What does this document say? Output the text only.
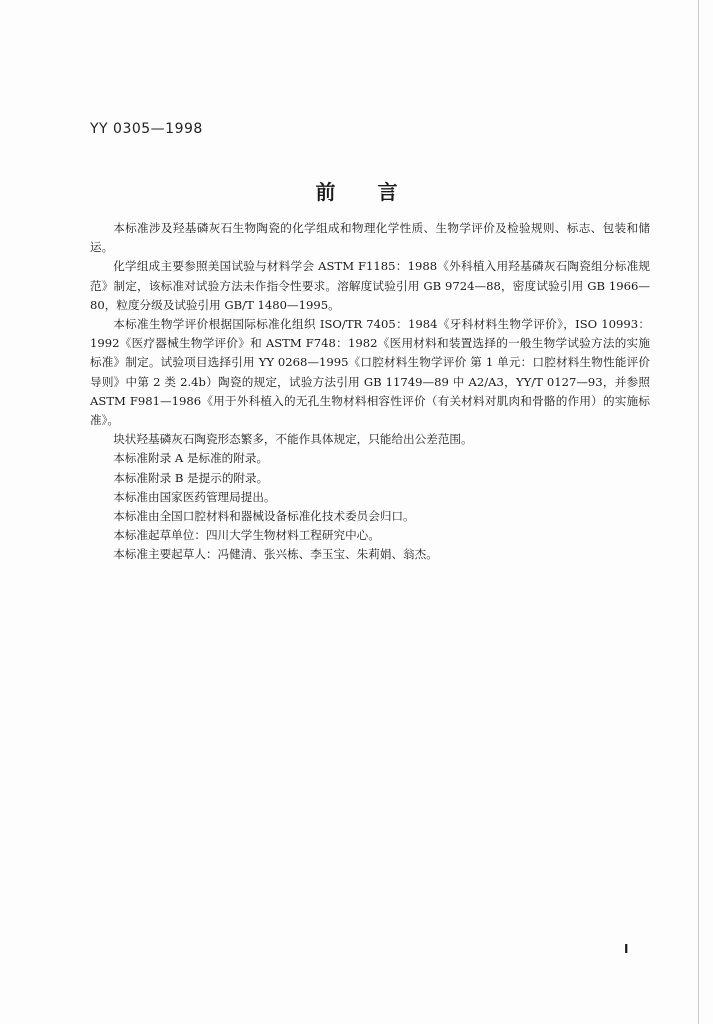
YY 0305—1998
前言

本标准涉及羟基磷灰石生物陶瓷的化学组成和物理化学性质、生物学评价及检验规则、标志、包装和储运。

化学组成主要参照美国试验与材料学会 ASTM F1185：1988《外科植入用羟基磷灰石陶瓷组分标准规范》制定，该标准对试验方法未作指令性要求。溶解度试验引用 GB 9724—88，密度试验引用 GB 1966—80，粒度分级及试验引用 GB/T 1480—1995。

本标准生物学评价根据国际标准化组织 ISO/TR 7405：1984《牙科材料生物学评价》，ISO 10993：1992《医疗器械生物学评价》和 ASTM F748：1982《医用材料和装置选择的一般生物学试验方法的实施标准》制定。试验项目选择引用 YY 0268—1995《口腔材料生物学评价 第 1 单元：口腔材料生物性能评价导则》中第 2 类 2.4b）陶瓷的规定，试验方法引用 GB 11749—89 中 A2/A3，YY/T 0127—93，并参照 ASTM F981—1986《用于外科植入的无孔生物材料相容性评价（有关材料对肌肉和骨骼的作用）的实施标准》。

块状羟基磷灰石陶瓷形态繁多，不能作具体规定，只能给出公差范围。

本标准附录 A 是标准的附录。

本标准附录 B 是提示的附录。

本标准由国家医药管理局提出。

本标准由全国口腔材料和器械设备标准化技术委员会归口。

本标准起草单位：四川大学生物材料工程研究中心。

本标准主要起草人：冯健清、张兴栋、李玉宝、朱莉娟、翁杰。

I
